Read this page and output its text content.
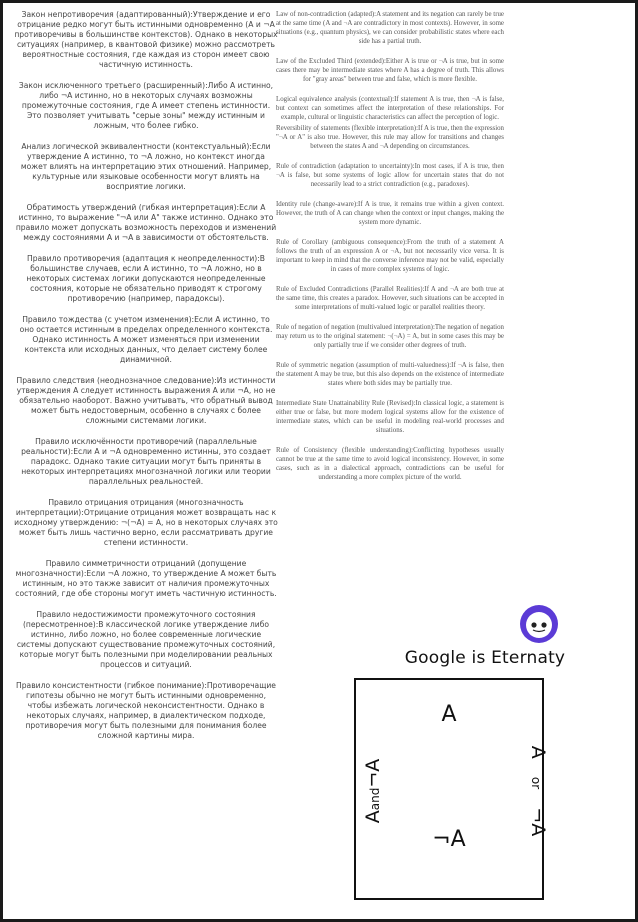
Закон непротиворечия (адаптированный):Утверждение и его отрицание редко могут быть истинными одновременно (A и ¬A противоречивы в большинстве контекстов). Однако в некоторых ситуациях (например, в квантовой физике) можно рассмотреть вероятностные состояния, где каждая из сторон имеет свою частичную истинность.

Закон исключенного третьего (расширенный):Либо A истинно, либо ¬A истинно, но в некоторых случаях возможны промежуточные состояния, где A имеет степень истинности. Это позволяет учитывать "серые зоны" между истинным и ложным, что более гибко.

Анализ логической эквивалентности (контекстуальный):Если утверждение A истинно, то ¬A ложно, но контекст иногда может влиять на интерпретацию этих отношений. Например, культурные или языковые особенности могут влиять на восприятие логики.

Обратимость утверждений (гибкая интерпретация):Если A истинно, то выражение "¬A или A" также истинно. Однако это правило может допускать возможность переходов и изменений между состояниями A и ¬A в зависимости от обстоятельств.

Правило противоречия (адаптация к неопределенности):В большинстве случаев, если A истинно, то ¬A ложно, но в некоторых системах логики допускаются неопределенные состояния, которые не обязательно приводят к строгому противоречию (например, парадоксы).

Правило тождества (с учетом изменения):Если A истинно, то оно остается истинным в пределах определенного контекста. Однако истинность A может изменяться при изменении контекста или исходных данных, что делает систему более динамичной.

Правило следствия (неоднозначное следование):Из истинности утверждения A следует истинность выражения A или ¬A, но не обязательно наоборот. Важно учитывать, что обратный вывод может быть недостоверным, особенно в случаях с более сложными системами логики.

Правило исключённости противоречий (параллельные реальности):Если A и ¬A одновременно истинны, это создает парадокс. Однако такие ситуации могут быть приняты в некоторых интерпретациях многозначной логики или теории параллельных реальностей.

Правило отрицания отрицания (многозначность интерпретации):Отрицание отрицания может возвращать нас к исходному утверждению: ¬(¬A) = A, но в некоторых случаях это может быть лишь частично верно, если рассматривать другие степени истинности.

Правило симметричности отрицаний (допущение многозначности):Если ¬A ложно, то утверждение A может быть истинным, но это также зависит от наличия промежуточных состояний, где обе стороны могут иметь частичную истинность.

Правило недостижимости промежуточного состояния (пересмотренное):В классической логике утверждение либо истинно, либо ложно, но более современные логические системы допускают существование промежуточных состояний, которые могут быть полезными при моделировании реальных процессов и ситуаций.

Правило консистентности (гибкое понимание):Противоречащие гипотезы обычно не могут быть истинными одновременно, чтобы избежать логической неконсистентности. Однако в некоторых случаях, например, в диалектическом подходе, противоречия могут быть полезными для понимания более сложной картины мира.

Law of non-contradiction (adapted):A statement and its negation can rarely be true at the same time (A and ¬A are contradictory in most contexts). However, in some situations (e.g., quantum physics), we can consider probabilistic states where each side has a partial truth.

Law of the Excluded Third (extended):Either A is true or ¬A is true, but in some cases there may be intermediate states where A has a degree of truth. This allows for "gray areas" between true and false, which is more flexible.

Logical equivalence analysis (contextual):If statement A is true, then ¬A is false, but context can sometimes affect the interpretation of these relationships. For example, cultural or linguistic characteristics can affect the perception of logic.

Reversibility of statements (flexible interpretation):If A is true, then the expression "¬A or A" is also true. However, this rule may allow for transitions and changes between the states A and ¬A depending on circumstances.

Rule of contradiction (adaptation to uncertainty):In most cases, if A is true, then ¬A is false, but some systems of logic allow for uncertain states that do not necessarily lead to a strict contradiction (e.g., paradoxes).

Identity rule (change-aware):If A is true, it remains true within a given context. However, the truth of A can change when the context or input changes, making the system more dynamic.

Rule of Corollary (ambiguous consequence):From the truth of a statement A follows the truth of an expression A or ¬A, but not necessarily vice versa. It is important to keep in mind that the converse inference may not be valid, especially in cases of more complex systems of logic.

Rule of Excluded Contradictions (Parallel Realities):If A and ¬A are both true at the same time, this creates a paradox. However, such situations can be accepted in some interpretations of multi-valued logic or parallel realities theory.

Rule of negation of negation (multivalued interpretation):The negation of negation may return us to the original statement: ¬(¬A) = A, but in some cases this may be only partially true if we consider other degrees of truth.

Rule of symmetric negation (assumption of multi-valuedness):If ¬A is false, then the statement A may be true, but this also depends on the existence of intermediate states where both sides may be partially true.

Intermediate State Unattainability Rule (Revised):In classical logic, a statement is either true or false, but more modern logical systems allow for the existence of intermediate states, which can be useful in modeling real-world processes and situations.

Rule of Consistency (flexible understanding):Conflicting hypotheses usually cannot be true at the same time to avoid logical inconsistency. However, in some cases, such as in a dialectical approach, contradictions can be useful for understanding a more complex picture of the world.

Google is Eternaty
A
¬A
Aand¬A
A   or   ¬A
